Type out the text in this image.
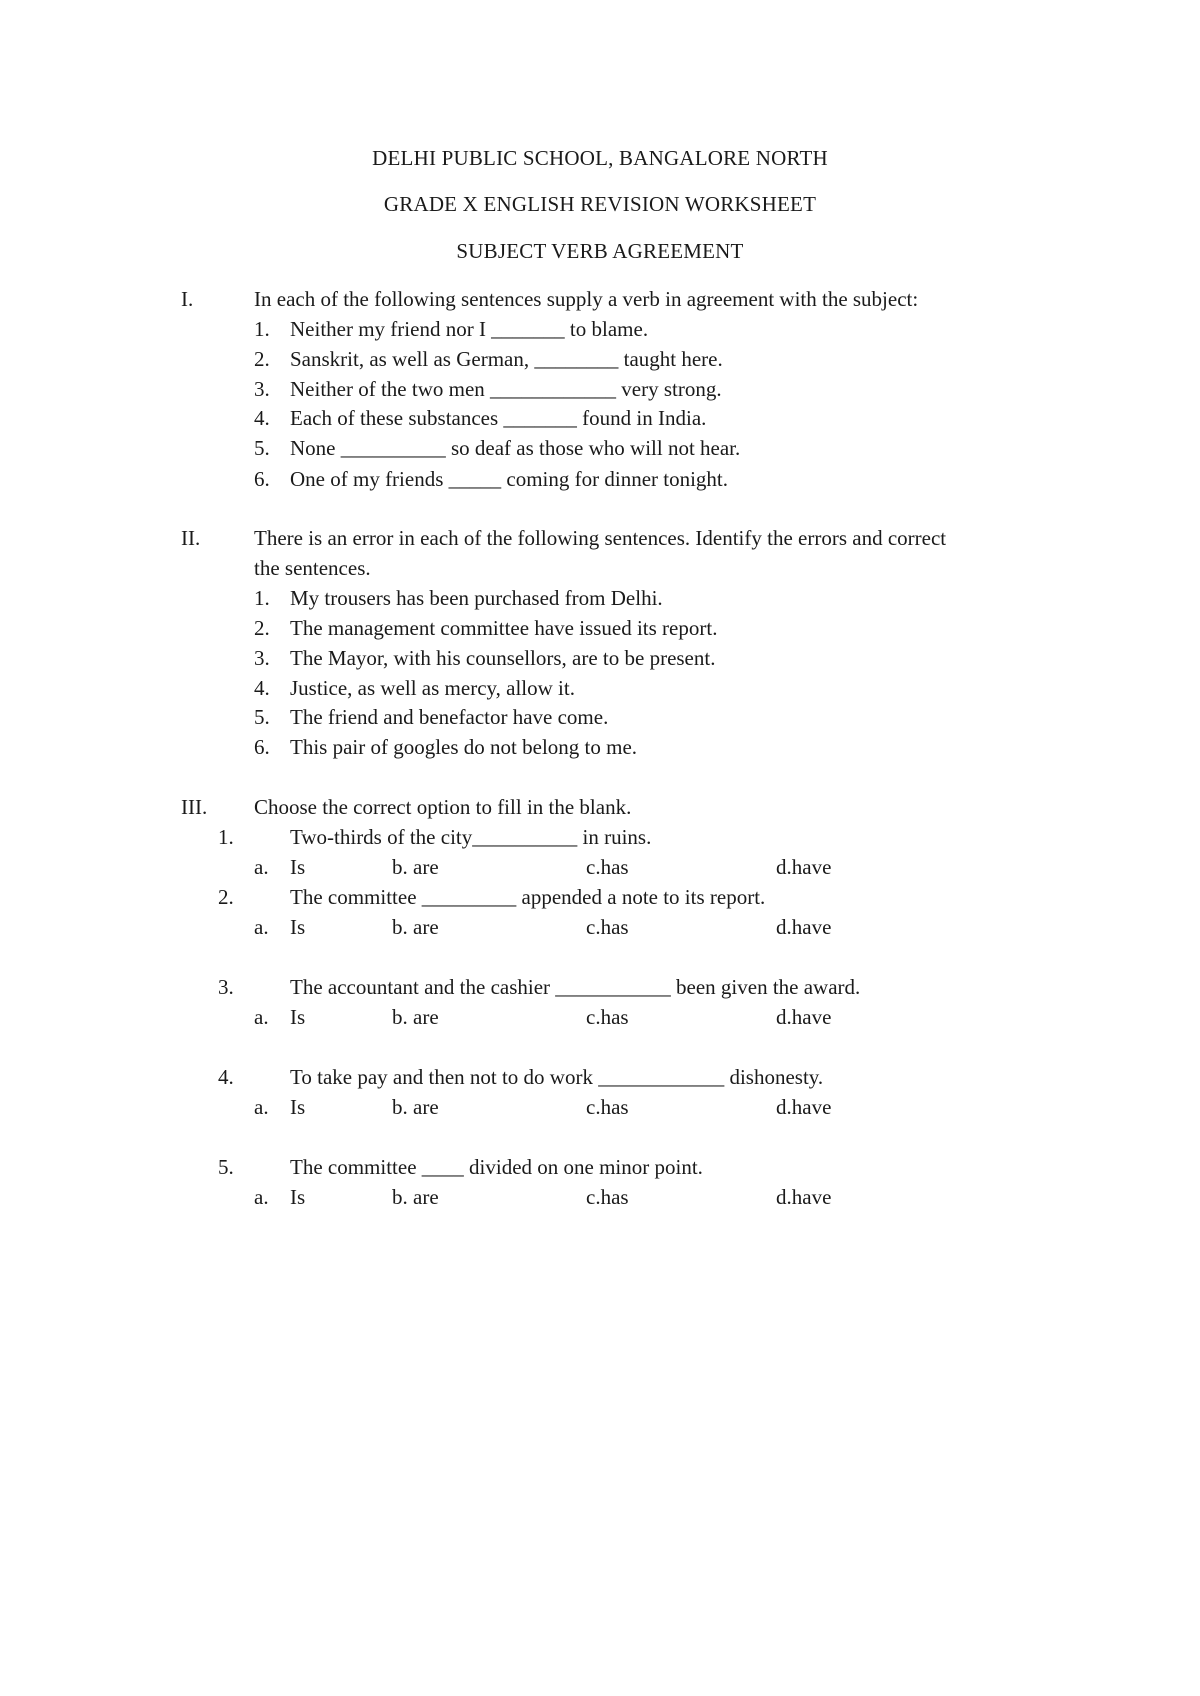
DELHI PUBLIC SCHOOL, BANGALORE NORTH
GRADE X ENGLISH REVISION WORKSHEET
SUBJECT VERB AGREEMENT
I.	In each of the following sentences supply a verb in agreement with the subject:
1. Neither my friend nor I _______ to blame.
2. Sanskrit, as well as German, ________ taught here.
3. Neither of the two men ____________ very strong.
4. Each of these substances _______ found in India.
5. None __________ so deaf as those who will not hear.
6. One of my friends _____ coming for dinner tonight.
II.	There is an error in each of the following sentences. Identify the errors and correct
the sentences.
1. My trousers has been purchased from Delhi.
2. The management committee have issued its report.
3. The Mayor, with his counsellors, are to be present.
4. Justice, as well as mercy, allow it.
5. The friend and benefactor have come.
6. This pair of googles do not belong to me.
III. Choose the correct option to fill in the blank.
1.	Two-thirds of the city__________ in ruins.
a. Is	b. are	c.has	d.have
2.	The committee _________ appended a note to its report.
a. Is	b. are	c.has	d.have
3.	The accountant and the cashier ___________ been given the award.
a. Is	b. are	c.has	d.have
4.	To take pay and then not to do work ____________ dishonesty.
a. Is	b. are	c.has	d.have
5.	The committee ____ divided on one minor point.
a. Is	b. are	c.has	d.have
